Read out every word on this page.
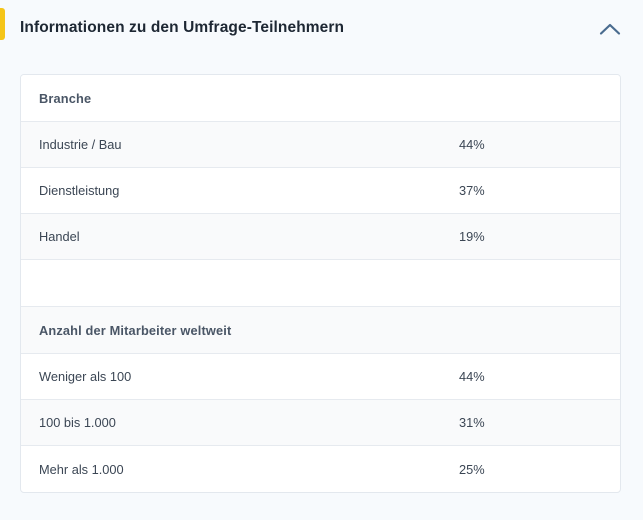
Informationen zu den Umfrage-Teilnehmern
Branche
Industrie / Bau	44%
Dienstleistung	37%
Handel	19%
Anzahl der Mitarbeiter weltweit
Weniger als 100	44%
100 bis 1.000	31%
Mehr als 1.000	25%
